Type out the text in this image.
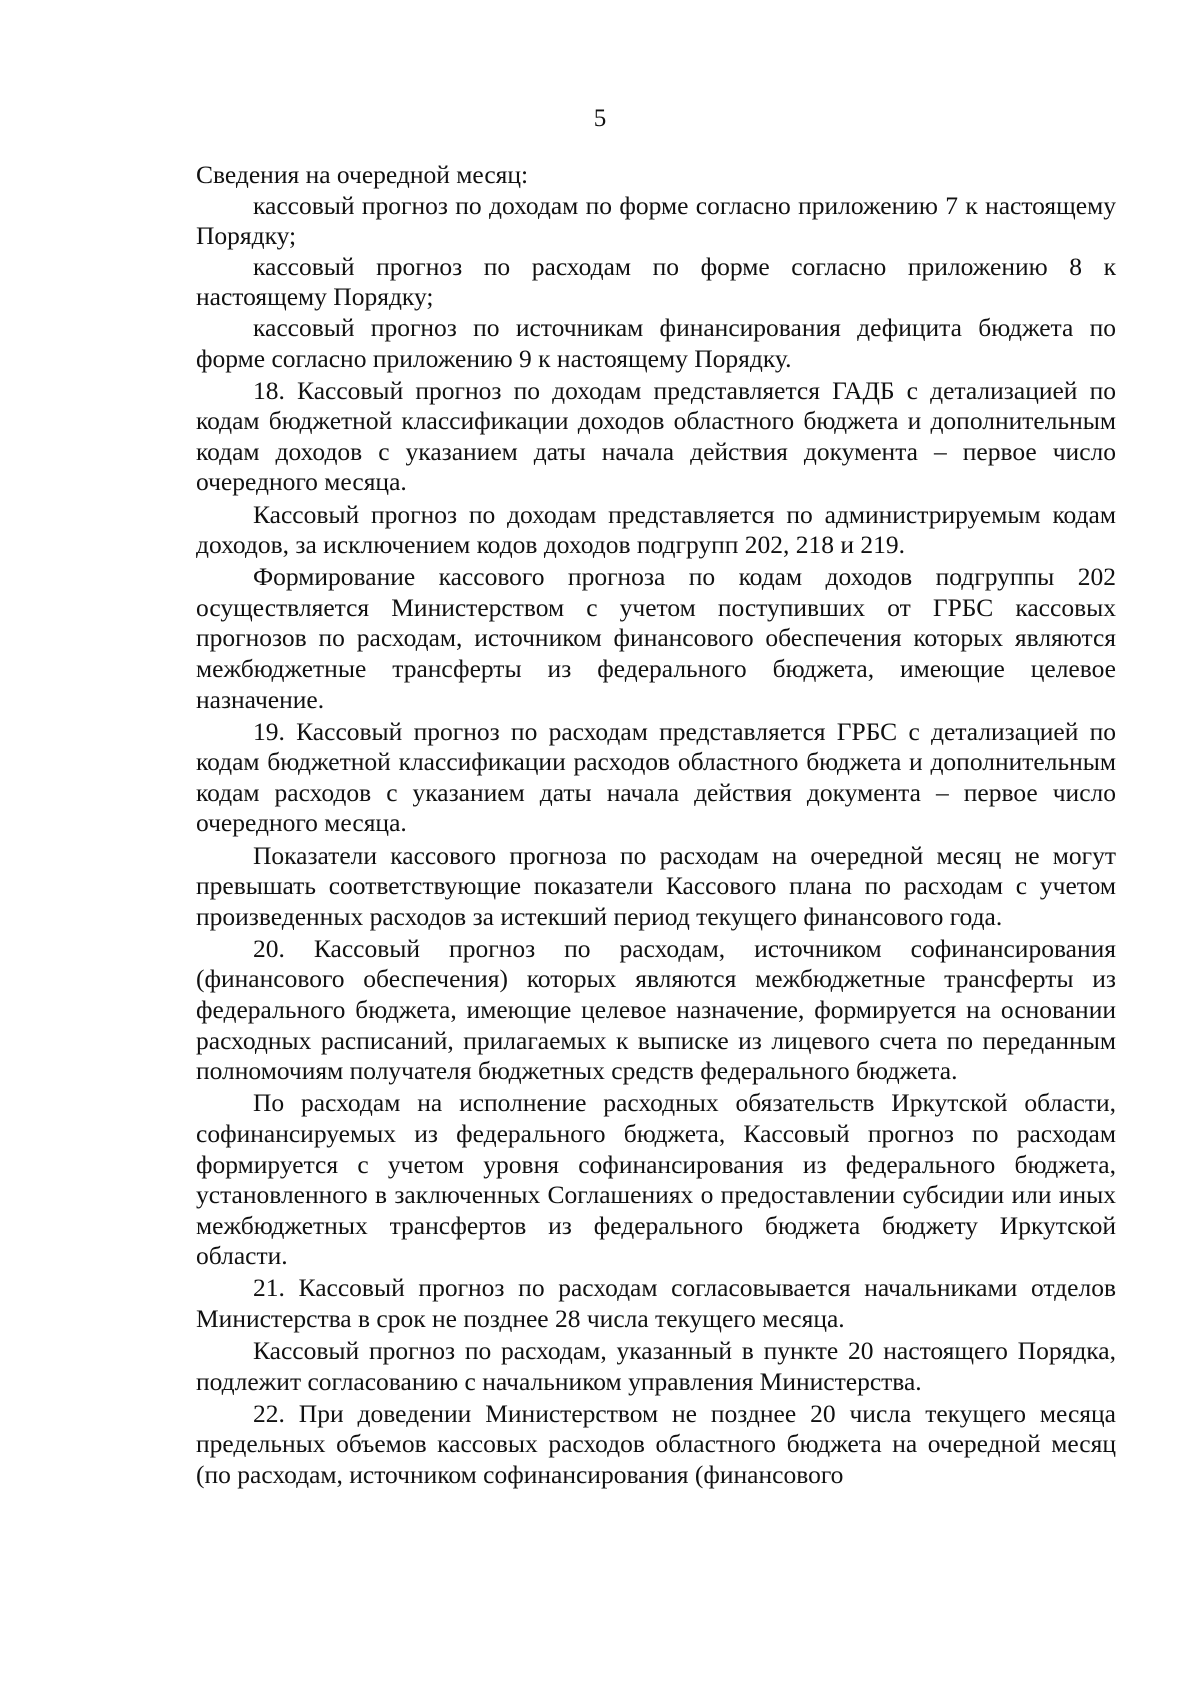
5

Сведения на очередной месяц:

кассовый прогноз по доходам по форме согласно приложению 7 к настоящему Порядку;

кассовый прогноз по расходам по форме согласно приложению 8 к настоящему Порядку;

кассовый прогноз по источникам финансирования дефицита бюджета по форме согласно приложению 9 к настоящему Порядку.

18. Кассовый прогноз по доходам представляется ГАДБ с детализацией по кодам бюджетной классификации доходов областного бюджета и дополнительным кодам доходов с указанием даты начала действия документа – первое число очередного месяца.

Кассовый прогноз по доходам представляется по администрируемым кодам доходов, за исключением кодов доходов подгрупп 202, 218 и 219.

Формирование кассового прогноза по кодам доходов подгруппы 202 осуществляется Министерством с учетом поступивших от ГРБС кассовых прогнозов по расходам, источником финансового обеспечения которых являются межбюджетные трансферты из федерального бюджета, имеющие целевое назначение.

19. Кассовый прогноз по расходам представляется ГРБС с детализацией по кодам бюджетной классификации расходов областного бюджета и дополнительным кодам расходов с указанием даты начала действия документа – первое число очередного месяца.

Показатели кассового прогноза по расходам на очередной месяц не могут превышать соответствующие показатели Кассового плана по расходам с учетом произведенных расходов за истекший период текущего финансового года.

20. Кассовый прогноз по расходам, источником софинансирования (финансового обеспечения) которых являются межбюджетные трансферты из федерального бюджета, имеющие целевое назначение, формируется на основании расходных расписаний, прилагаемых к выписке из лицевого счета по переданным полномочиям получателя бюджетных средств федерального бюджета.

По расходам на исполнение расходных обязательств Иркутской области, софинансируемых из федерального бюджета, Кассовый прогноз по расходам формируется с учетом уровня софинансирования из федерального бюджета, установленного в заключенных Соглашениях о предоставлении субсидии или иных межбюджетных трансфертов из федерального бюджета бюджету Иркутской области.

21. Кассовый прогноз по расходам согласовывается начальниками отделов Министерства в срок не позднее 28 числа текущего месяца.

Кассовый прогноз по расходам, указанный в пункте 20 настоящего Порядка, подлежит согласованию с начальником управления Министерства.

22. При доведении Министерством не позднее 20 числа текущего месяца предельных объемов кассовых расходов областного бюджета на очередной месяц (по расходам, источником софинансирования (финансового
